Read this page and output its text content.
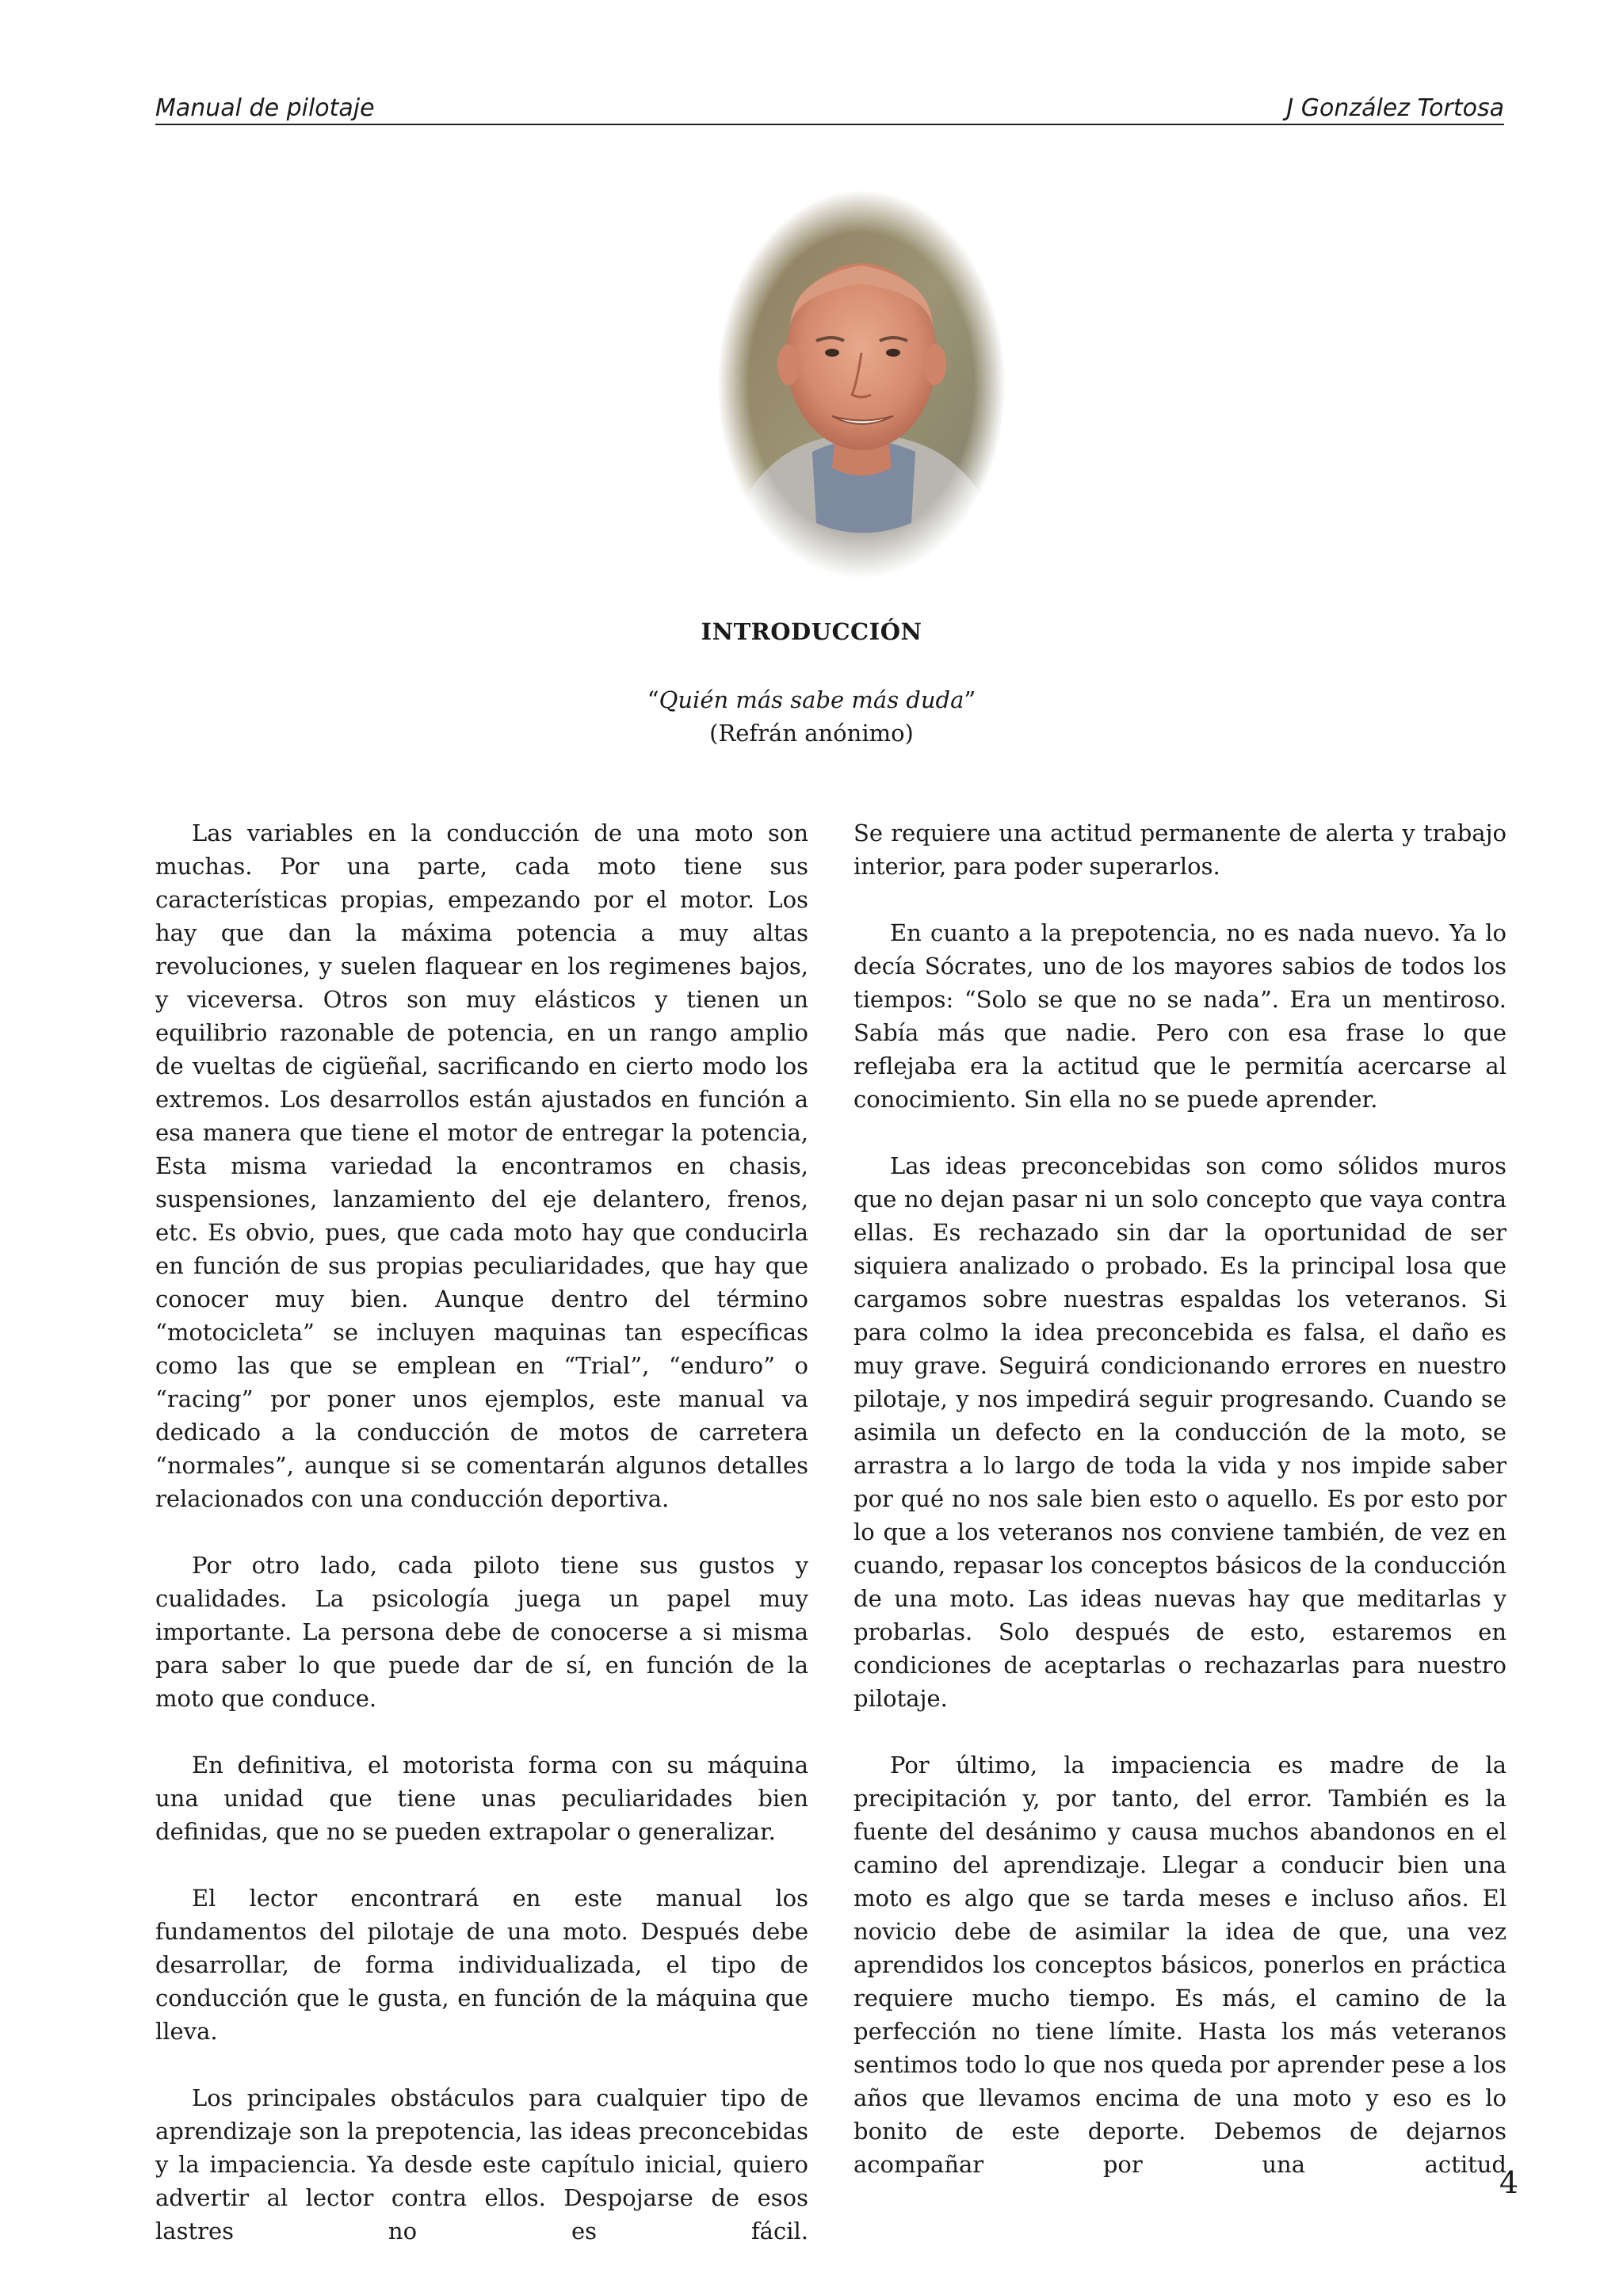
Manual de pilotaje	J González Tortosa
INTRODUCCIÓN
“Quién más sabe más duda”
(Refrán anónimo)

Las variables en la conducción de una moto son muchas. Por una parte, cada moto tiene sus características propias, empezando por el motor. Los hay que dan la máxima potencia a muy altas revoluciones, y suelen flaquear en los regimenes bajos, y viceversa. Otros son muy elásticos y tienen un equilibrio razonable de potencia, en un rango amplio de vueltas de cigüeñal, sacrificando en cierto modo los extremos. Los desarrollos están ajustados en función a esa manera que tiene el motor de entregar la potencia, Esta misma variedad la encontramos en chasis, suspensiones, lanzamiento del eje delantero, frenos, etc. Es obvio, pues, que cada moto hay que conducirla en función de sus propias peculiaridades, que hay que conocer muy bien. Aunque dentro del término “motocicleta” se incluyen maquinas tan específicas como las que se emplean en “Trial”, “enduro” o “racing” por poner unos ejemplos, este manual va dedicado a la conducción de motos de carretera “normales”, aunque si se comentarán algunos detalles relacionados con una conducción deportiva.

Por otro lado, cada piloto tiene sus gustos y cualidades. La psicología juega un papel muy importante. La persona debe de conocerse a si misma para saber lo que puede dar de sí, en función de la moto que conduce.

En definitiva, el motorista forma con su máquina una unidad que tiene unas peculiaridades bien definidas, que no se pueden extrapolar o generalizar.

El lector encontrará en este manual los fundamentos del pilotaje de una moto. Después debe desarrollar, de forma individualizada, el tipo de conducción que le gusta, en función de la máquina que lleva.

Los principales obstáculos para cualquier tipo de aprendizaje son la prepotencia, las ideas preconcebidas y la impaciencia. Ya desde este capítulo inicial, quiero advertir al lector contra ellos. Despojarse de esos lastres no es fácil.

Se requiere una actitud permanente de alerta y trabajo interior, para poder superarlos.

En cuanto a la prepotencia, no es nada nuevo. Ya lo decía Sócrates, uno de los mayores sabios de todos los tiempos: “Solo se que no se nada”. Era un mentiroso. Sabía más que nadie. Pero con esa frase lo que reflejaba era la actitud que le permitía acercarse al conocimiento. Sin ella no se puede aprender.

Las ideas preconcebidas son como sólidos muros que no dejan pasar ni un solo concepto que vaya contra ellas. Es rechazado sin dar la oportunidad de ser siquiera analizado o probado. Es la principal losa que cargamos sobre nuestras espaldas los veteranos. Si para colmo la idea preconcebida es falsa, el daño es muy grave. Seguirá condicionando errores en nuestro pilotaje, y nos impedirá seguir progresando. Cuando se asimila un defecto en la conducción de la moto, se arrastra a lo largo de toda la vida y nos impide saber por qué no nos sale bien esto o aquello. Es por esto por lo que a los veteranos nos conviene también, de vez en cuando, repasar los conceptos básicos de la conducción de una moto. Las ideas nuevas hay que meditarlas y probarlas. Solo después de esto, estaremos en condiciones de aceptarlas o rechazarlas para nuestro pilotaje.

Por último, la impaciencia es madre de la precipitación y, por tanto, del error. También es la fuente del desánimo y causa muchos abandonos en el camino del aprendizaje. Llegar a conducir bien una moto es algo que se tarda meses e incluso años. El novicio debe de asimilar la idea de que, una vez aprendidos los conceptos básicos, ponerlos en práctica requiere mucho tiempo. Es más, el camino de la perfección no tiene límite. Hasta los más veteranos sentimos todo lo que nos queda por aprender pese a los años que llevamos encima de una moto y eso es lo bonito de este deporte. Debemos de dejarnos acompañar por una actitud

4
